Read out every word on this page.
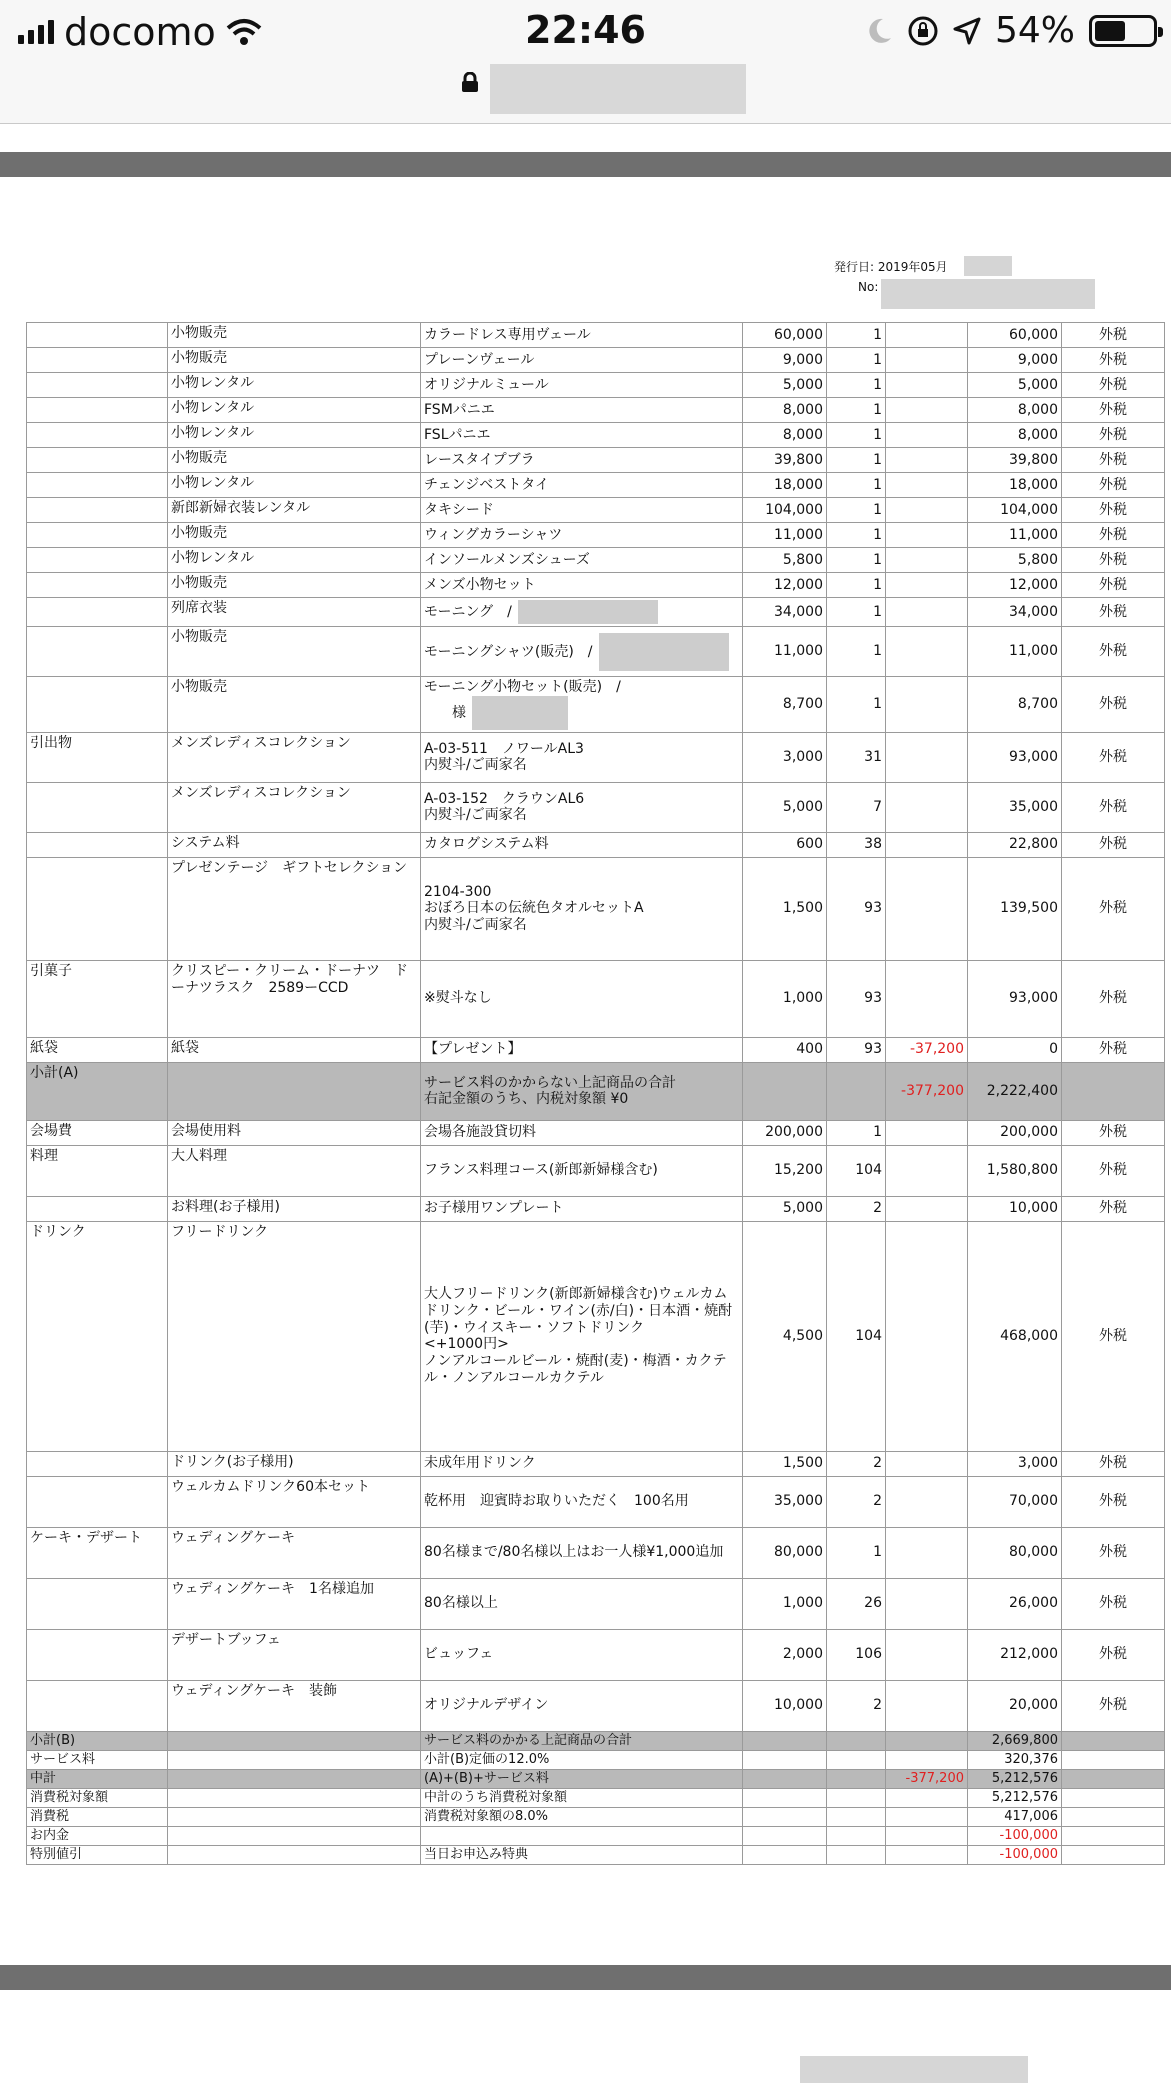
docomo	22:46	54%
発行日: 2019年05月
No:
	小物販売	カラードレス専用ヴェール	60,000	1		60,000	外税
	小物販売	プレーンヴェール	9,000	1		9,000	外税
	小物レンタル	オリジナルミュール	5,000	1		5,000	外税
	小物レンタル	FSMパニエ	8,000	1		8,000	外税
	小物レンタル	FSLパニエ	8,000	1		8,000	外税
	小物販売	レースタイプブラ	39,800	1		39,800	外税
	小物レンタル	チェンジベストタイ	18,000	1		18,000	外税
	新郎新婦衣装レンタル	タキシード	104,000	1		104,000	外税
	小物販売	ウィングカラーシャツ	11,000	1		11,000	外税
	小物レンタル	インソールメンズシューズ	5,800	1		5,800	外税
	小物販売	メンズ小物セット	12,000	1		12,000	外税
	列席衣装	モーニング　/	34,000	1		34,000	外税
	小物販売	モーニングシャツ(販売)　/	11,000	1		11,000	外税
	小物販売	モーニング小物セット(販売)　/
　　様	8,700	1		8,700	外税
引出物	メンズレディスコレクション	A-03-511　ノワールAL3
内熨斗/ご両家名	3,000	31		93,000	外税
	メンズレディスコレクション	A-03-152　クラウンAL6
内熨斗/ご両家名	5,000	7		35,000	外税
	システム料	カタログシステム料	600	38		22,800	外税
	プレゼンテージ　ギフトセレクション	2104-300
おぼろ日本の伝統色タオルセットA
内熨斗/ご両家名	1,500	93		139,500	外税
引菓子	クリスピー・クリーム・ドーナツ　ドーナツラスク　2589ーCCD	※熨斗なし	1,000	93		93,000	外税
紙袋	紙袋	【プレゼント】	400	93	-37,200	0	外税
小計(A)		サービス料のかからない上記商品の合計
右記金額のうち、内税対象額 ¥0			-377,200	2,222,400	
会場費	会場使用料	会場各施設貸切料	200,000	1		200,000	外税
料理	大人料理	フランス料理コース(新郎新婦様含む)	15,200	104		1,580,800	外税
	お料理(お子様用)	お子様用ワンプレート	5,000	2		10,000	外税
ドリンク	フリードリンク	大人フリードリンク(新郎新婦様含む)ウェルカムドリンク・ビール・ワイン(赤/白)・日本酒・焼酎(芋)・ウイスキー・ソフトドリンク
<+1000円>
ノンアルコールビール・焼酎(麦)・梅酒・カクテル・ノンアルコールカクテル	4,500	104		468,000	外税
	ドリンク(お子様用)	未成年用ドリンク	1,500	2		3,000	外税
	ウェルカムドリンク60本セット	乾杯用　迎賓時お取りいただく　100名用	35,000	2		70,000	外税
ケーキ・デザート	ウェディングケーキ	80名様まで/80名様以上はお一人様¥1,000追加	80,000	1		80,000	外税
	ウェディングケーキ　1名様追加	80名様以上	1,000	26		26,000	外税
	デザートブッフェ	ビュッフェ	2,000	106		212,000	外税
	ウェディングケーキ　装飾	オリジナルデザイン	10,000	2		20,000	外税
小計(B)		サービス料のかかる上記商品の合計				2,669,800	
サービス料		小計(B)定価の12.0%				320,376	
中計		(A)+(B)+サービス料			-377,200	5,212,576	
消費税対象額		中計のうち消費税対象額				5,212,576	
消費税		消費税対象額の8.0%				417,006	
お内金						-100,000	
特別値引		当日お申込み特典				-100,000	
